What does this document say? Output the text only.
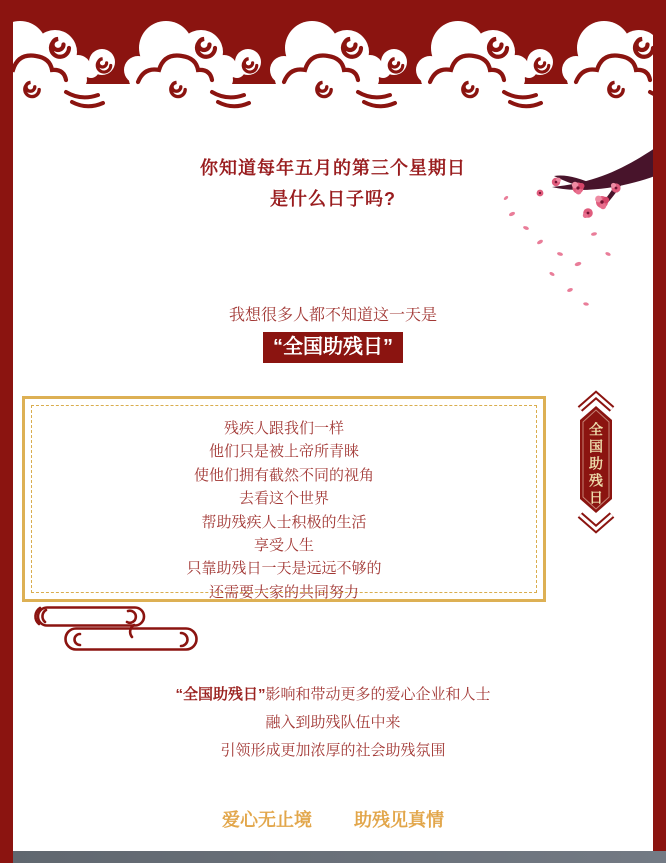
你知道每年五月的第三个星期日
是什么日子吗?
我想很多人都不知道这一天是
“全国助残日”
残疾人跟我们一样
他们只是被上帝所青睐
使他们拥有截然不同的视角
去看这个世界
帮助残疾人士积极的生活
享受人生
只靠助残日一天是远远不够的
还需要大家的共同努力
全国助残日
“全国助残日”影响和带动更多的爱心企业和人士
融入到助残队伍中来
引领形成更加浓厚的社会助残氛围
爱心无止境 助残见真情
